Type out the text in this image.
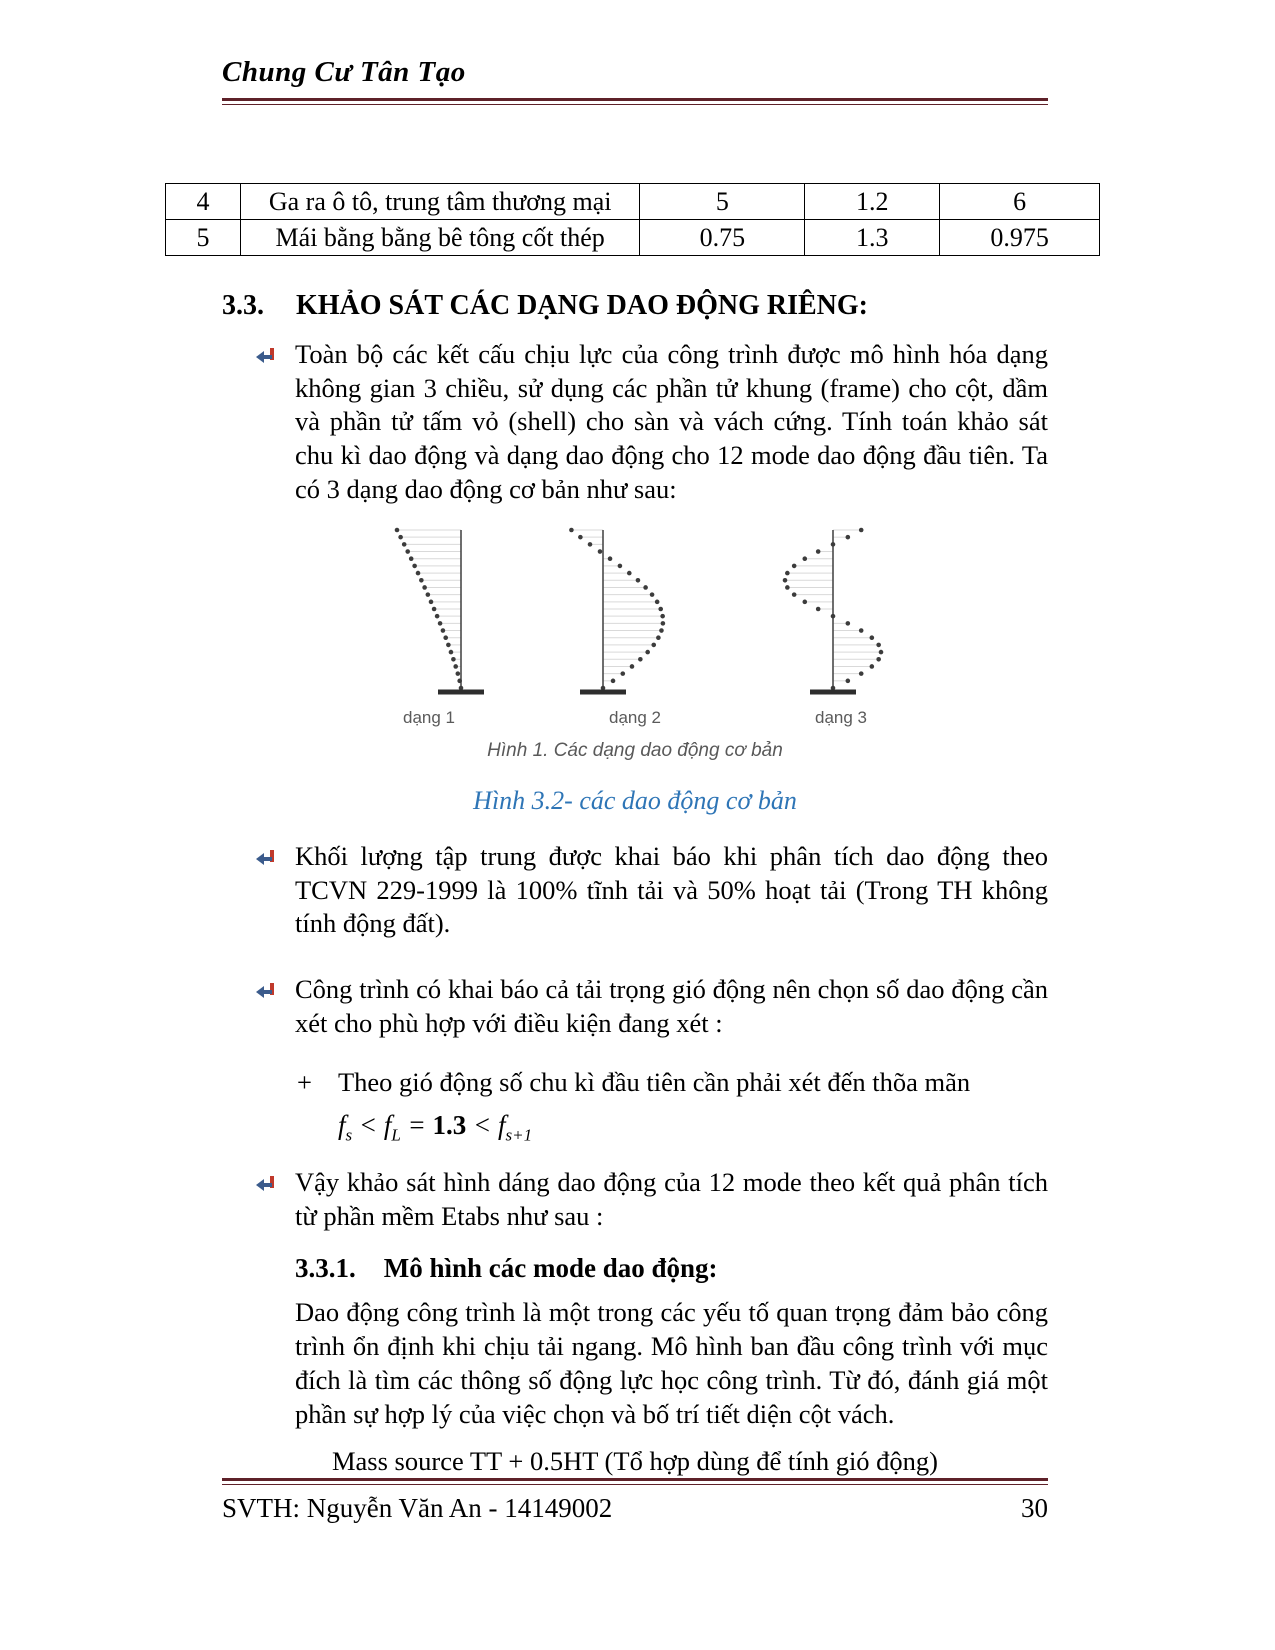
Chung Cư Tân Tạo
4	Ga ra ô tô, trung tâm thương mại	5	1.2	6
5	Mái bằng bằng bê tông cốt thép	0.75	1.3	0.975
3.3. KHẢO SÁT CÁC DẠNG DAO ĐỘNG RIÊNG:

Toàn bộ các kết cấu chịu lực của công trình được mô hình hóa dạng không gian 3 chiều, sử dụng các phần tử khung (frame) cho cột, dầm và phần tử tấm vỏ (shell) cho sàn và vách cứng. Tính toán khảo sát chu kì dao động và dạng dao động cho 12 mode dao động đầu tiên. Ta có 3 dạng dao động cơ bản như sau:

dạng 1	dạng 2	dạng 3
Hình 1. Các dạng dao động cơ bản
Hình 3.2- các dao động cơ bản

Khối lượng tập trung được khai báo khi phân tích dao động theo TCVN 229-1999 là 100% tĩnh tải và 50% hoạt tải (Trong TH không tính động đất).

Công trình có khai báo cả tải trọng gió động nên chọn số dao động cần xét cho phù hợp với điều kiện đang xét :

+ Theo gió động số chu kì đầu tiên cần phải xét đến thõa mãn
$f_s < f_L = 1.3 < f_{s+1}$

Vậy khảo sát hình dáng dao động của 12 mode theo kết quả phân tích từ phần mềm Etabs như sau :

3.3.1. Mô hình các mode dao động:

Dao động công trình là một trong các yếu tố quan trọng đảm bảo công trình ổn định khi chịu tải ngang. Mô hình ban đầu công trình với mục đích là tìm các thông số động lực học công trình. Từ đó, đánh giá một phần sự hợp lý của việc chọn và bố trí tiết diện cột vách.

Mass source TT + 0.5HT (Tổ hợp dùng để tính gió động)
SVTH: Nguyễn Văn An - 14149002	30
